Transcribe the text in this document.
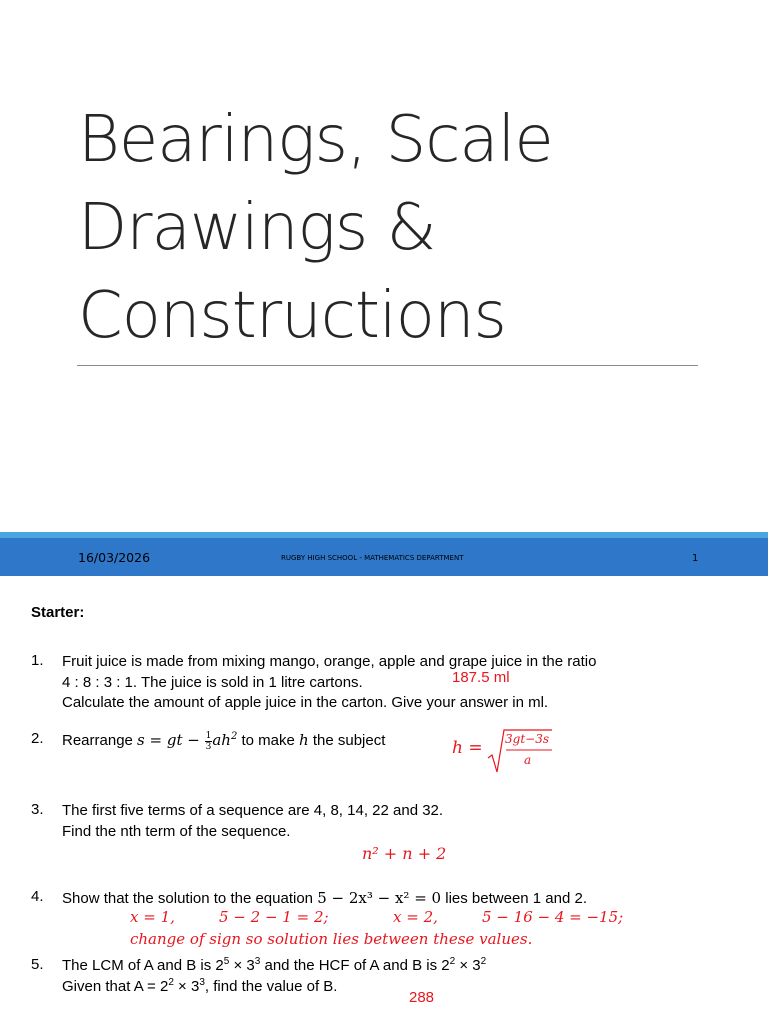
Bearings, Scale
Drawings &
Constructions
16/03/2026	RUGBY HIGH SCHOOL - MATHEMATICS DEPARTMENT	1
Starter:
1. Fruit juice is made from mixing mango, orange, apple and grape juice in the ratio
4 : 8 : 3 : 1. The juice is sold in 1 litre cartons.
Calculate the amount of apple juice in the carton. Give your answer in ml.
187.5 ml
2. Rearrange s = gt − $\frac{1}{3} ah^2$ to make h the subject	h = 3gt−3s
a
3. The first five terms of a sequence are 4, 8, 14, 22 and 32.
Find the nth term of the sequence.
n² + n + 2
4. Show that the solution to the equation 5 − 2x³ − x² = 0 lies between 1 and 2.
x = 1,	5 − 2 − 1 = 2;	x = 2,	5 − 16 − 4 = −15;
change of sign so solution lies between these values.
5. The LCM of A and B is $2^5 \times 3^3$ and the HCF of A and B is $2^2 \times 3^2$
Given that $A = 2^2 \times 3^3$, find the value of B.
288
